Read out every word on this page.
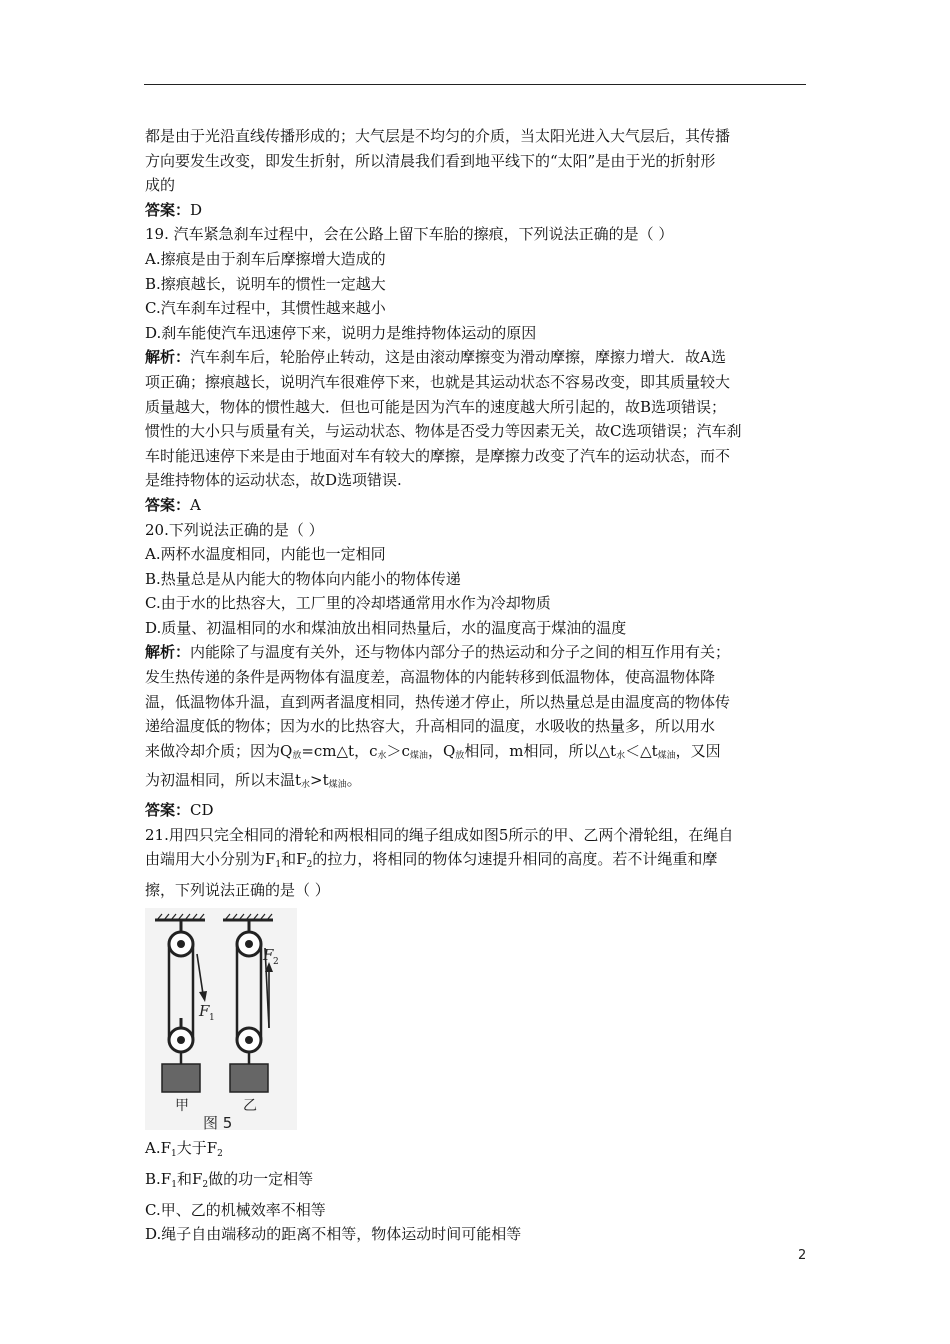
都是由于光沿直线传播形成的；大气层是不均匀的介质，当太阳光进入大气层后，其传播
方向要发生改变，即发生折射，所以清晨我们看到地平线下的“太阳”是由于光的折射形
成的
答案：D
19. 汽车紧急刹车过程中，会在公路上留下车胎的擦痕，下列说法正确的是（ ）
A.擦痕是由于刹车后摩擦增大造成的
B.擦痕越长，说明车的惯性一定越大
C.汽车刹车过程中，其惯性越来越小
D.刹车能使汽车迅速停下来，说明力是维持物体运动的原因
解析：汽车刹车后，轮胎停止转动，这是由滚动摩擦变为滑动摩擦，摩擦力增大．故A选
项正确；擦痕越长，说明汽车很难停下来，也就是其运动状态不容易改变，即其质量较大
质量越大，物体的惯性越大．但也可能是因为汽车的速度越大所引起的，故B选项错误；
惯性的大小只与质量有关，与运动状态、物体是否受力等因素无关，故C选项错误；汽车刹
车时能迅速停下来是由于地面对车有较大的摩擦，是摩擦力改变了汽车的运动状态，而不
是维持物体的运动状态，故D选项错误.
答案：A
20.下列说法正确的是（ ）
A.两杯水温度相同，内能也一定相同
B.热量总是从内能大的物体向内能小的物体传递
C.由于水的比热容大，工厂里的冷却塔通常用水作为冷却物质
D.质量、初温相同的水和煤油放出相同热量后，水的温度高于煤油的温度
解析：内能除了与温度有关外，还与物体内部分子的热运动和分子之间的相互作用有关；
发生热传递的条件是两物体有温度差，高温物体的内能转移到低温物体，使高温物体降
温，低温物体升温，直到两者温度相同，热传递才停止，所以热量总是由温度高的物体传
递给温度低的物体；因为水的比热容大，升高相同的温度，水吸收的热量多，所以用水
来做冷却介质；因为$Q_放=cm\triangle t$，$c_水>c_{煤油}$，$Q_放$相同，m相同，所以$\triangle t_水<\triangle t_{煤油}$，又因
为初温相同，所以末温$t_水>t_{煤油}$。
答案：CD
21.用四只完全相同的滑轮和两根相同的绳子组成如图5所示的甲、乙两个滑轮组，在绳自
由端用大小分别为$F_1$和$F_2$的拉力，将相同的物体匀速提升相同的高度。若不计绳重和摩
擦，下列说法正确的是（ ）
F 1
F 2
甲	乙
图 5
$A.F_1$大于$F_2$
$B.F_1$和$F_2$做的功一定相等
C.甲、乙的机械效率不相等
D.绳子自由端移动的距离不相等，物体运动时间可能相等
2
